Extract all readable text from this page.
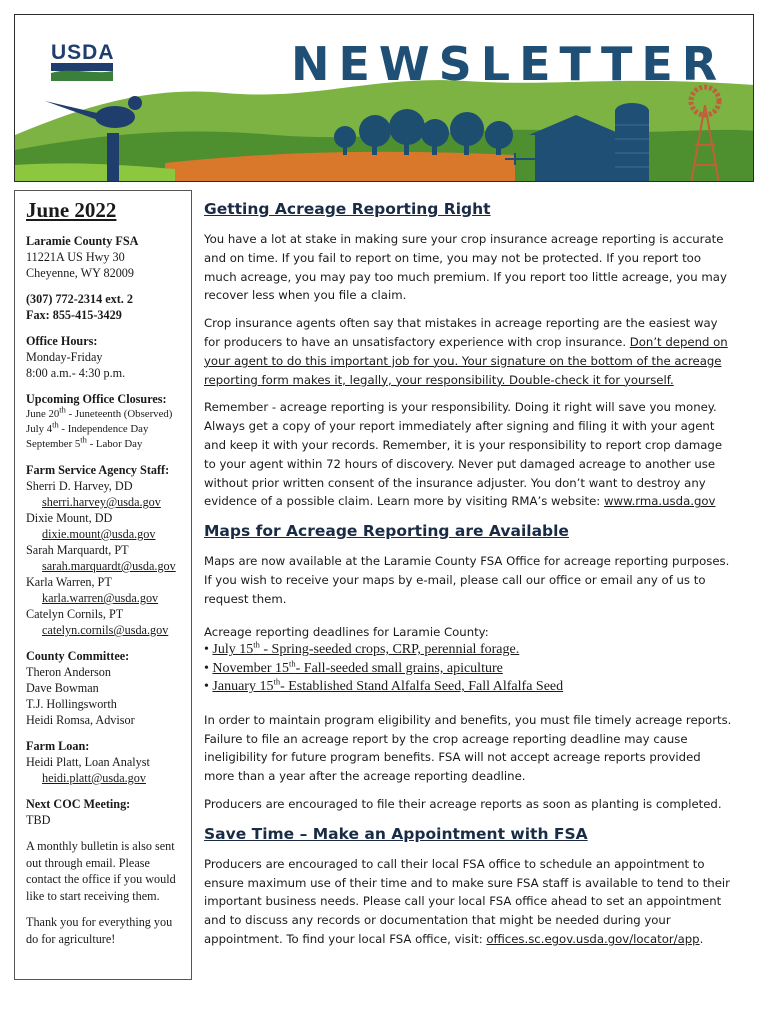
USDA	NEWSLETTER
June 2022
Laramie County FSA
11221A US Hwy 30
Cheyenne, WY 82009
(307) 772-2314 ext. 2
Fax: 855-415-3429
Office Hours:
Monday-Friday
8:00 a.m.- 4:30 p.m.
Upcoming Office Closures:
June 20th - Juneteenth (Observed)
July 4th - Independence Day
September 5th - Labor Day
Farm Service Agency Staff:
Sherri D. Harvey, DD
sherri.harvey@usda.gov
Dixie Mount, DD
dixie.mount@usda.gov
Sarah Marquardt, PT
sarah.marquardt@usda.gov
Karla Warren, PT
karla.warren@usda.gov
Catelyn Cornils, PT
catelyn.cornils@usda.gov
County Committee:
Theron Anderson
Dave Bowman
T.J. Hollingsworth
Heidi Romsa, Advisor
Farm Loan:
Heidi Platt, Loan Analyst
heidi.platt@usda.gov
Next COC Meeting:
TBD
A monthly bulletin is also sent out through email. Please contact the office if you would like to start receiving them.
Thank you for everything you do for agriculture!
Getting Acreage Reporting Right
You have a lot at stake in making sure your crop insurance acreage reporting is accurate and on time. If you fail to report on time, you may not be protected. If you report too much acreage, you may pay too much premium. If you report too little acreage, you may recover less when you file a claim.
Crop insurance agents often say that mistakes in acreage reporting are the easiest way for producers to have an unsatisfactory experience with crop insurance. Don’t depend on your agent to do this important job for you. Your signature on the bottom of the acreage reporting form makes it, legally, your responsibility. Double-check it for yourself.
Remember - acreage reporting is your responsibility. Doing it right will save you money. Always get a copy of your report immediately after signing and filing it with your agent and keep it with your records. Remember, it is your responsibility to report crop damage to your agent within 72 hours of discovery. Never put damaged acreage to another use without prior written consent of the insurance adjuster. You don’t want to destroy any evidence of a possible claim. Learn more by visiting RMA’s website: www.rma.usda.gov
Maps for Acreage Reporting are Available
Maps are now available at the Laramie County FSA Office for acreage reporting purposes. If you wish to receive your maps by e-mail, please call our office or email any of us to request them.
Acreage reporting deadlines for Laramie County:
• July 15th - Spring-seeded crops, CRP, perennial forage.
• November 15th- Fall-seeded small grains, apiculture
• January 15th- Established Stand Alfalfa Seed, Fall Alfalfa Seed
In order to maintain program eligibility and benefits, you must file timely acreage reports. Failure to file an acreage report by the crop acreage reporting deadline may cause ineligibility for future program benefits. FSA will not accept acreage reports provided more than a year after the acreage reporting deadline.
Producers are encouraged to file their acreage reports as soon as planting is completed.
Save Time – Make an Appointment with FSA
Producers are encouraged to call their local FSA office to schedule an appointment to ensure maximum use of their time and to make sure FSA staff is available to tend to their important business needs. Please call your local FSA office ahead to set an appointment and to discuss any records or documentation that might be needed during your appointment. To find your local FSA office, visit: offices.sc.egov.usda.gov/locator/app.
